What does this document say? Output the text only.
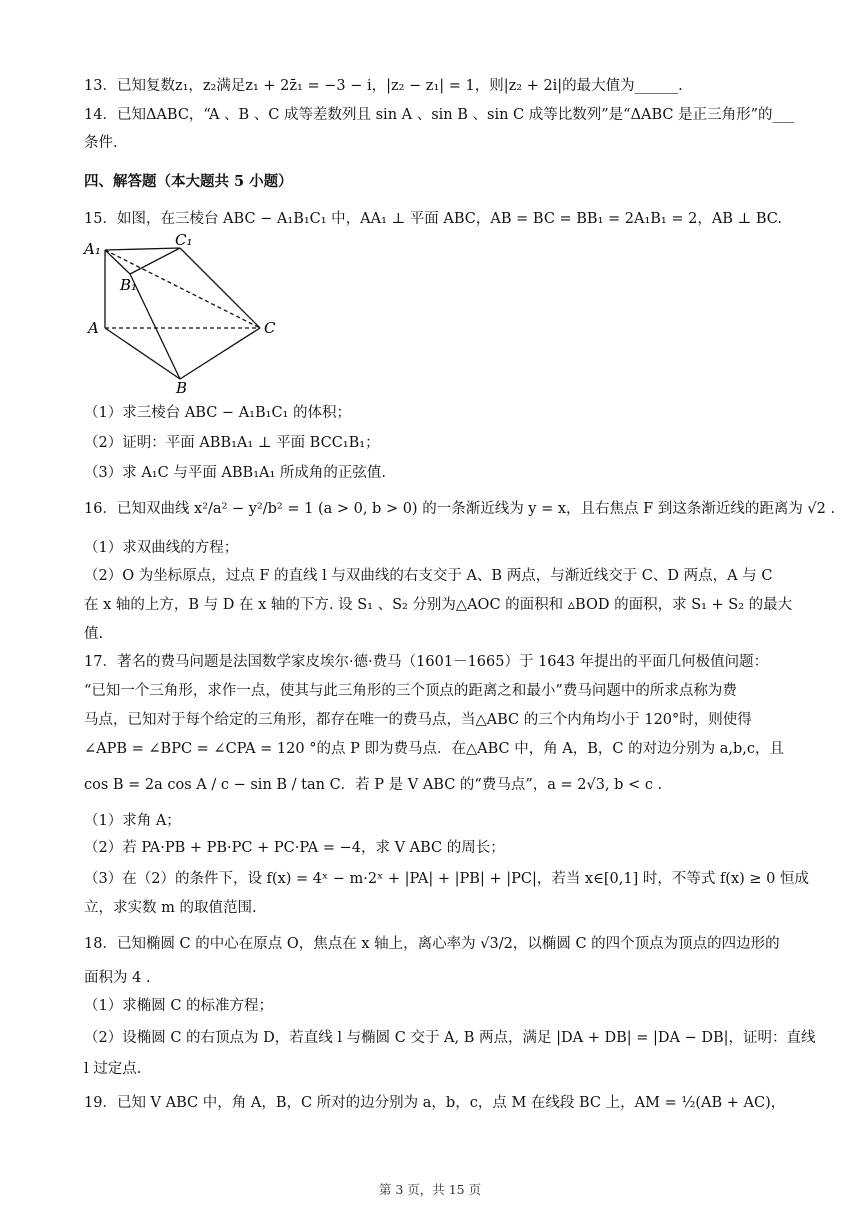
13．已知复数z₁，z₂满足z₁ + 2z̄₁ = −3 − i，|z₂ − z₁| = 1，则|z₂ + 2i|的最大值为______.
14．已知ΔABC，“A 、B 、C 成等差数列且 sin A 、sin B 、sin C 成等比数列”是“ΔABC 是正三角形”的___
条件.
四、解答题（本大题共 5 小题）
15．如图，在三棱台 ABC − A₁B₁C₁ 中，AA₁ ⊥ 平面 ABC，AB = BC = BB₁ = 2A₁B₁ = 2，AB ⊥ BC.
A₁	C₁
B₁
A	C
B
（1）求三棱台 ABC − A₁B₁C₁ 的体积；
（2）证明：平面 ABB₁A₁ ⊥ 平面 BCC₁B₁；
（3）求 A₁C 与平面 ABB₁A₁ 所成角的正弦值.
16．已知双曲线 x²/a² − y²/b² = 1 (a > 0, b > 0) 的一条渐近线为 y = x，且右焦点 F 到这条渐近线的距离为 √2 .
（1）求双曲线的方程；
（2）O 为坐标原点，过点 F 的直线 l 与双曲线的右支交于 A、B 两点，与渐近线交于 C、D 两点，A 与 C
在 x 轴的上方，B 与 D 在 x 轴的下方. 设 S₁ 、S₂ 分别为△AOC 的面积和 ▵BOD 的面积，求 S₁ + S₂ 的最大
值.
17．著名的费马问题是法国数学家皮埃尔·德·费马（1601－1665）于 1643 年提出的平面几何极值问题：
“已知一个三角形，求作一点，使其与此三角形的三个顶点的距离之和最小”费马问题中的所求点称为费
马点，已知对于每个给定的三角形，都存在唯一的费马点，当△ABC 的三个内角均小于 120°时，则使得
∠APB = ∠BPC = ∠CPA = 120 °的点 P 即为费马点．在△ABC 中，角 A，B，C 的对边分别为 a,b,c，且
cos B = 2a cos A / c − sin B / tan C．若 P 是 V ABC 的“费马点”，a = 2√3, b < c .
（1）求角 A；
（2）若 PA·PB + PB·PC + PC·PA = −4，求 V ABC 的周长；
（3）在（2）的条件下，设 f(x) = 4ˣ − m·2ˣ + |PA| + |PB| + |PC|，若当 x∈[0,1] 时，不等式 f(x) ≥ 0 恒成
立，求实数 m 的取值范围.
18．已知椭圆 C 的中心在原点 O，焦点在 x 轴上，离心率为 √3/2，以椭圆 C 的四个顶点为顶点的四边形的
面积为 4 .
（1）求椭圆 C 的标准方程；
（2）设椭圆 C 的右顶点为 D，若直线 l 与椭圆 C 交于 A, B 两点，满足 |DA + DB| = |DA − DB|，证明：直线
l 过定点.
19．已知 V ABC 中，角 A，B，C 所对的边分别为 a，b，c，点 M 在线段 BC 上，AM = ½(AB + AC)，
第 3 页，共 15 页
